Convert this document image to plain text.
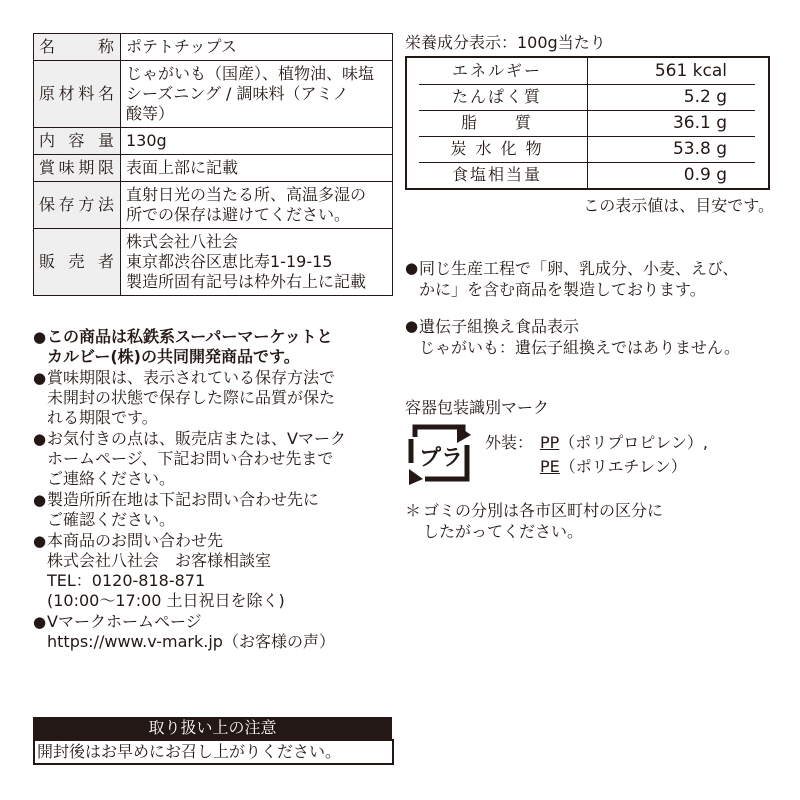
名　　称	ポテトチップス
原材料名	じゃがいも（国産）、植物油、味塩
シーズニング / 調味料（アミノ
酸等）
内 容 量	130g
賞味期限	表面上部に記載
保存方法	直射日光の当たる所、高温多湿の
所での保存は避けてください。
販 売 者	株式会社八社会
東京都渋谷区恵比寿1-19-15
製造所固有記号は枠外右上に記載
● この商品は私鉄系スーパーマーケットと
カルビー(株)の共同開発商品です。
● 賞味期限は、表示されている保存方法で
未開封の状態で保存した際に品質が保た
れる期限です。
● お気付きの点は、販売店または、Vマーク
ホームページ、下記お問い合わせ先まで
ご連絡ください。
● 製造所所在地は下記お問い合わせ先に
ご確認ください。
● 本商品のお問い合わせ先
株式会社八社会　お客様相談室
TEL：0120-818-871
(10:00～17:00 土日祝日を除く)
● Vマークホームページ
https://www.v-mark.jp（お客様の声）
取り扱い上の注意
開封後はお早めにお召し上がりください。
栄養成分表示：100g当たり
エネルギー	561 kcal
たんぱく質	5.2 g
脂　　質	36.1 g
炭 水 化 物	53.8 g
食塩相当量	0.9 g
この表示値は、目安です。
● 同じ生産工程で「卵、乳成分、小麦、えび、
かに」を含む商品を製造しております。
● 遺伝子組換え食品表示
じゃがいも：遺伝子組換えではありません。
容器包装識別マーク
プラ
外装： PP（ポリプロピレン）,
PE（ポリエチレン）
＊ ゴミの分別は各市区町村の区分に
したがってください。
